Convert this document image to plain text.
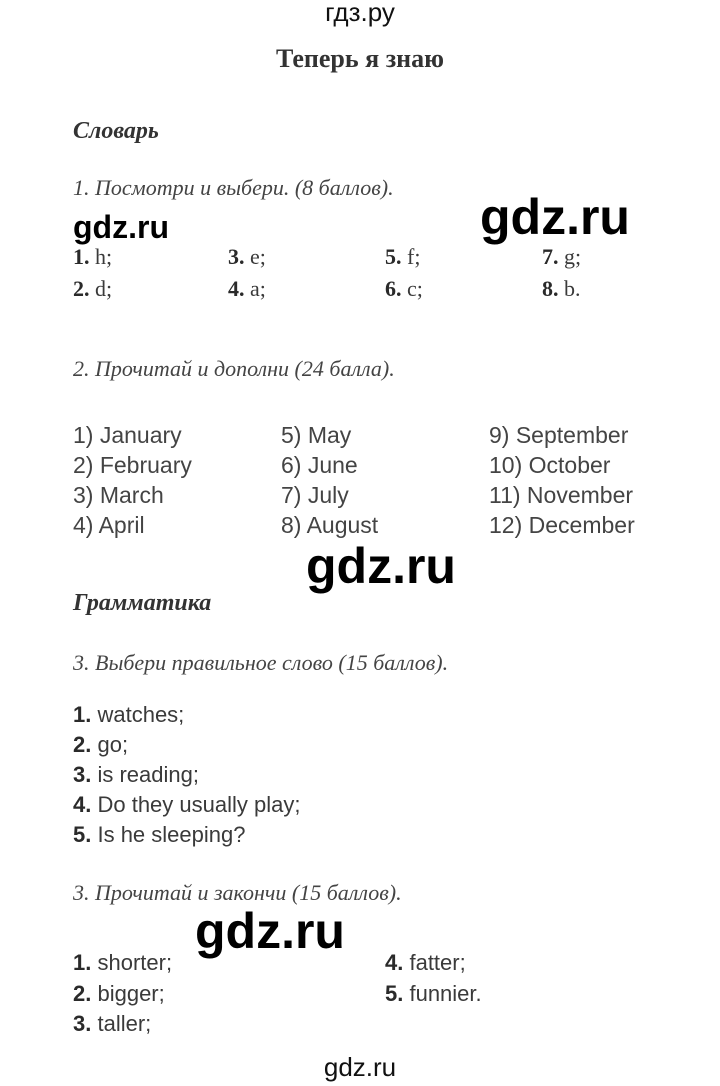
гдз.ру
Теперь я знаю
Словарь
1. Посмотри и выбери. (8 баллов).
gdz.ru
gdz.ru
1. h;	3. e;	5. f;	7. g;
2. d;	4. a;	6. c;	8. b.
2. Прочитай и дополни (24 балла).
1) January	5) May	9) September
2) February	6) June	10) October
3) March	7) July	11) November
4) April	8) August	12) December
gdz.ru
Грамматика
3. Выбери правильное слово (15 баллов).
1. watches;
2. go;
3. is reading;
4. Do they usually play;
5. Is he sleeping?
3. Прочитай и закончи (15 баллов).
gdz.ru
1. shorter;	4. fatter;
2. bigger;	5. funnier.
3. taller;
gdz.ru
